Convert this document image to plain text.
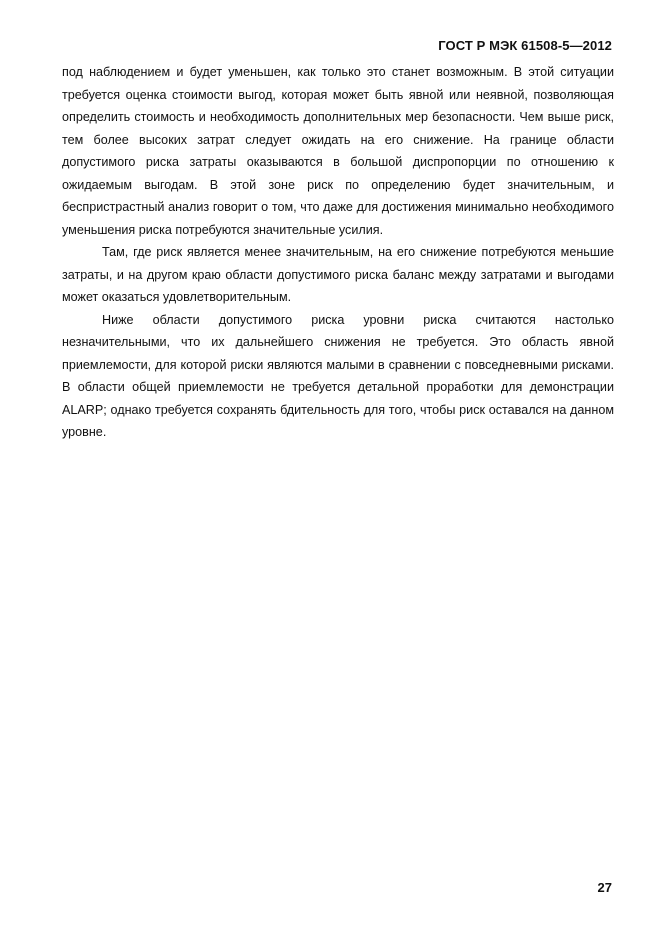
ГОСТ Р МЭК 61508-5—2012

под наблюдением и будет уменьшен, как только это станет возможным. В этой ситуации требуется оценка стоимости выгод, которая может быть явной или неявной, позволяющая определить стоимость и необходимость дополнительных мер безопасности. Чем выше риск, тем более высоких затрат следует ожидать на его снижение. На границе области допустимого риска затраты оказываются в большой диспропорции по отношению к ожидаемым выгодам. В этой зоне риск по определению будет значительным, и беспристрастный анализ говорит о том, что даже для достижения минимально необходимого уменьшения риска потребуются значительные усилия.

Там, где риск является менее значительным, на его снижение потребуются меньшие затраты, и на другом краю области допустимого риска баланс между затратами и выгодами может оказаться удовлетворительным.

Ниже области допустимого риска уровни риска считаются настолько незначительными, что их дальнейшего снижения не требуется. Это область явной приемлемости, для которой риски являются малыми в сравнении с повседневными рисками. В области общей приемлемости не требуется детальной проработки для демонстрации ALARP; однако требуется сохранять бдительность для того, чтобы риск оставался на данном уровне.

27
